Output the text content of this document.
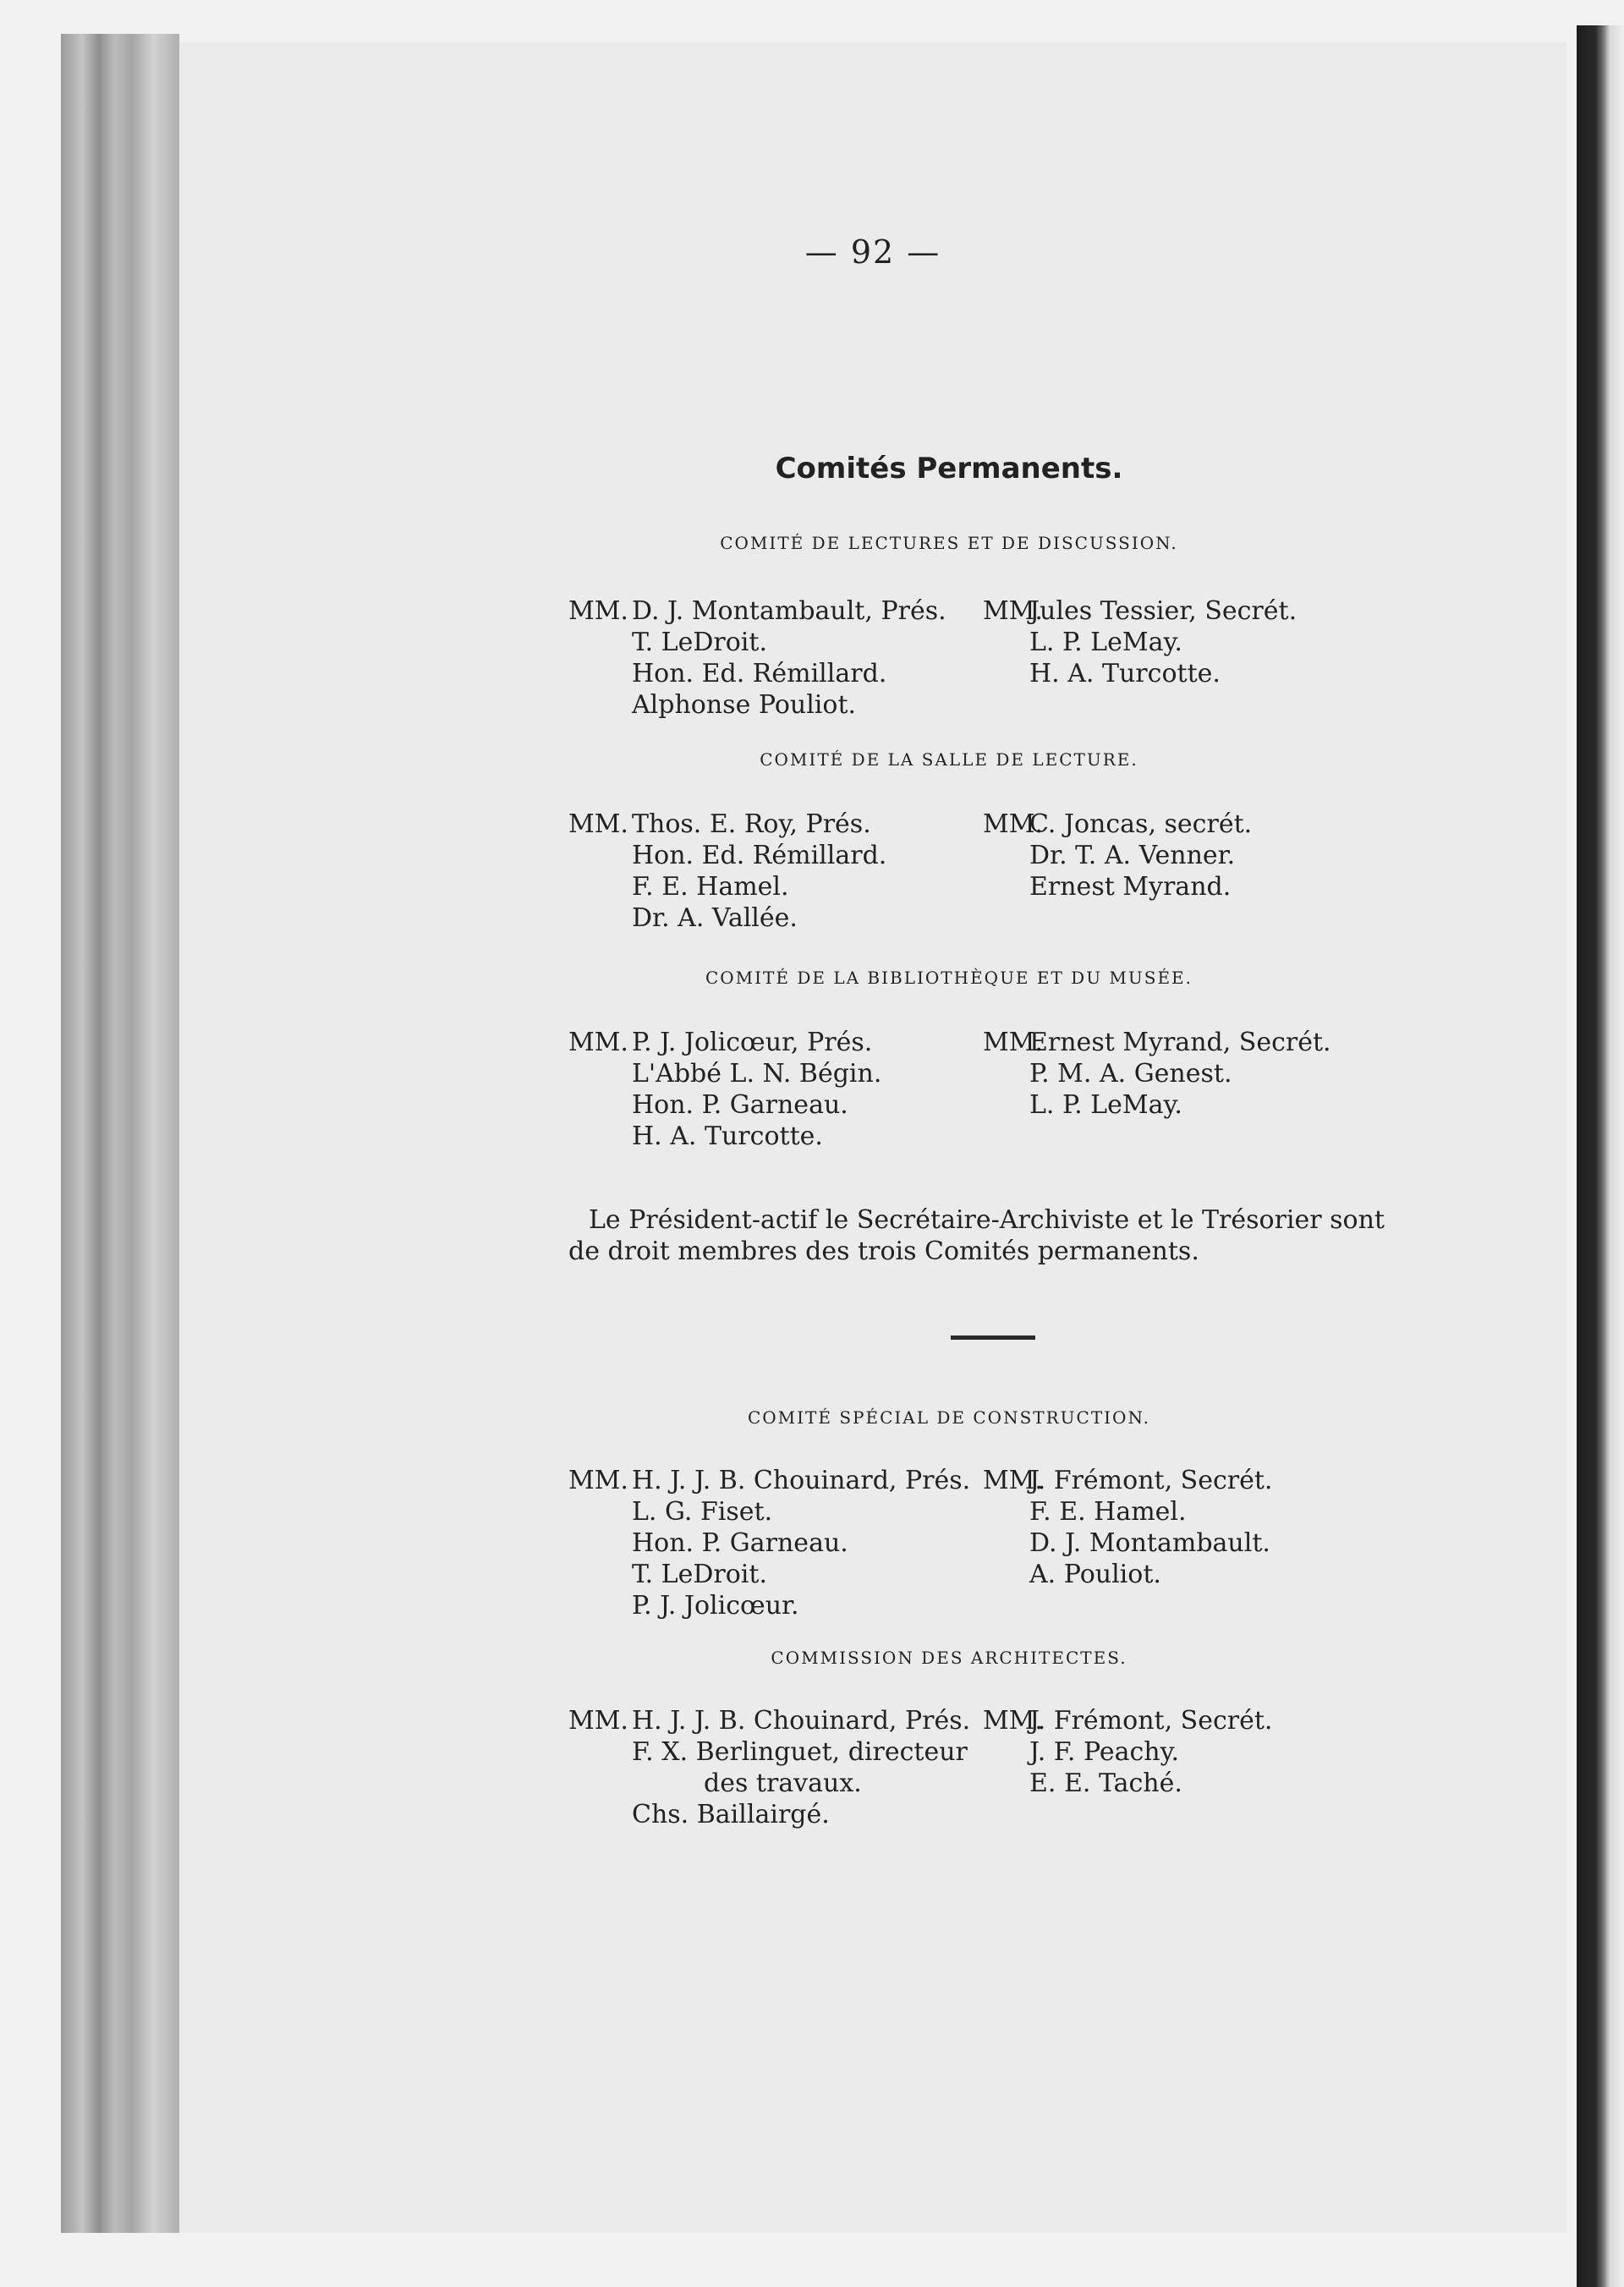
— 92 —
Comités Permanents.
COMITÉ DE LECTURES ET DE DISCUSSION.
MM. D. J. Montambault, Prés.
T. LeDroit.
Hon. Ed. Rémillard.
Alphonse Pouliot.
MM.
Jules Tessier, Secrét.
L. P. LeMay.
H. A. Turcotte.
COMITÉ DE LA SALLE DE LECTURE.
MM. Thos. E. Roy, Prés.
Hon. Ed. Rémillard.
F. E. Hamel.
Dr. A. Vallée.
MM.
C. Joncas, secrét.
Dr. T. A. Venner.
Ernest Myrand.
COMITÉ DE LA BIBLIOTHÈQUE ET DU MUSÉE.
MM. P. J. Jolicœur, Prés.
L'Abbé L. N. Bégin.
Hon. P. Garneau.
H. A. Turcotte.
MM.
Ernest Myrand, Secrét.
P. M. A. Genest.
L. P. LeMay.
Le Président-actif le Secrétaire-Archiviste et le Trésorier sont
de droit membres des trois Comités permanents.
COMITÉ SPÉCIAL DE CONSTRUCTION.
MM. H. J. J. B. Chouinard, Prés.
L. G. Fiset.
Hon. P. Garneau.
T. LeDroit.
P. J. Jolicœur.
MM.
J. Frémont, Secrét.
F. E. Hamel.
D. J. Montambault.
A. Pouliot.
COMMISSION DES ARCHITECTES.
MM. H. J. J. B. Chouinard, Prés.
F. X. Berlinguet, directeur
des travaux.
Chs. Baillairgé.
MM.
J. Frémont, Secrét.
J. F. Peachy.
E. E. Taché.
